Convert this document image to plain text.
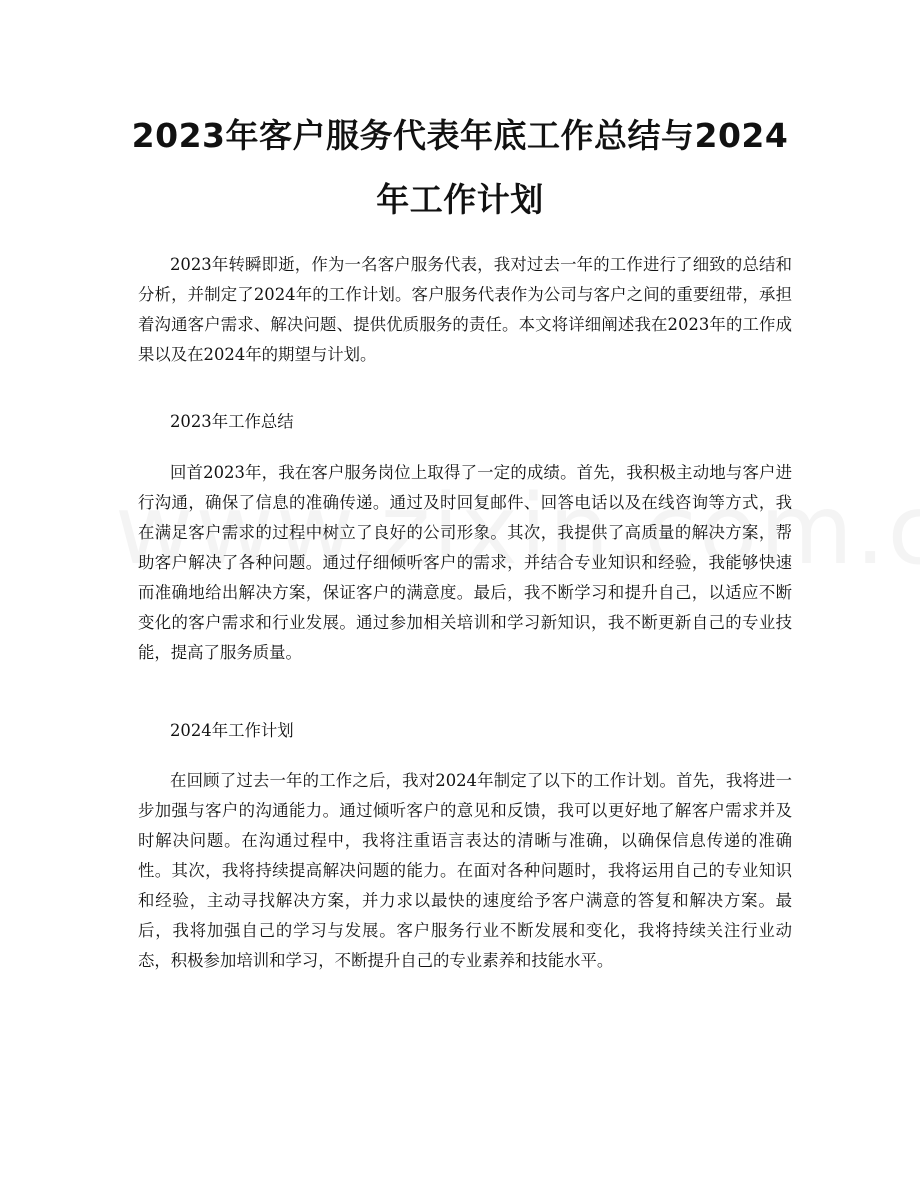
2023年客户服务代表年底工作总结与2024年工作计划

2023年转瞬即逝，作为一名客户服务代表，我对过去一年的工作进行了细致的总结和分析，并制定了2024年的工作计划。客户服务代表作为公司与客户之间的重要纽带，承担着沟通客户需求、解决问题、提供优质服务的责任。本文将详细阐述我在2023年的工作成果以及在2024年的期望与计划。

2023年工作总结

回首2023年，我在客户服务岗位上取得了一定的成绩。首先，我积极主动地与客户进行沟通，确保了信息的准确传递。通过及时回复邮件、回答电话以及在线咨询等方式，我在满足客户需求的过程中树立了良好的公司形象。其次，我提供了高质量的解决方案，帮助客户解决了各种问题。通过仔细倾听客户的需求，并结合专业知识和经验，我能够快速而准确地给出解决方案，保证客户的满意度。最后，我不断学习和提升自己，以适应不断变化的客户需求和行业发展。通过参加相关培训和学习新知识，我不断更新自己的专业技能，提高了服务质量。

2024年工作计划

在回顾了过去一年的工作之后，我对2024年制定了以下的工作计划。首先，我将进一步加强与客户的沟通能力。通过倾听客户的意见和反馈，我可以更好地了解客户需求并及时解决问题。在沟通过程中，我将注重语言表达的清晰与准确，以确保信息传递的准确性。其次，我将持续提高解决问题的能力。在面对各种问题时，我将运用自己的专业知识和经验，主动寻找解决方案，并力求以最快的速度给予客户满意的答复和解决方案。最后，我将加强自己的学习与发展。客户服务行业不断发展和变化，我将持续关注行业动态，积极参加培训和学习，不断提升自己的专业素养和技能水平。
